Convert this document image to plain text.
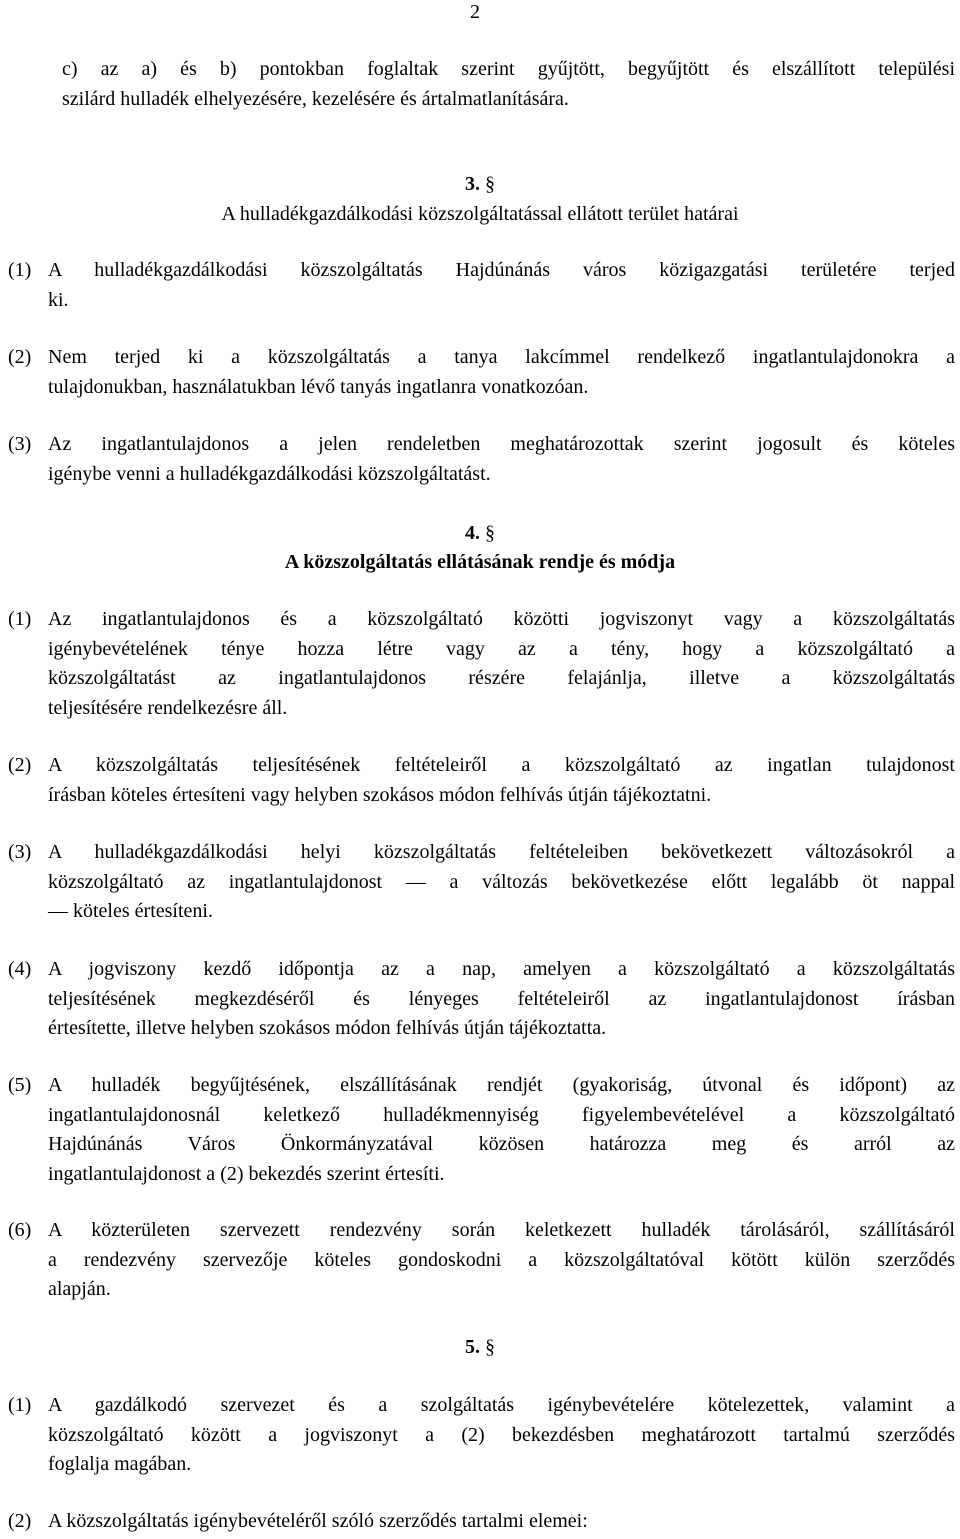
2
c) az a) és b) pontokban foglaltak szerint gyűjtött, begyűjtött és elszállított települési
szilárd hulladék elhelyezésére, kezelésére és ártalmatlanítására.
3. §
A hulladékgazdálkodási közszolgáltatással ellátott terület határai
(1) A hulladékgazdálkodási közszolgáltatás Hajdúnánás város közigazgatási területére terjed
ki.
(2) Nem terjed ki a közszolgáltatás a tanya lakcímmel rendelkező ingatlantulajdonokra a
tulajdonukban, használatukban lévő tanyás ingatlanra vonatkozóan.
(3) Az ingatlantulajdonos a jelen rendeletben meghatározottak szerint jogosult és köteles
igénybe venni a hulladékgazdálkodási közszolgáltatást.
4. §
A közszolgáltatás ellátásának rendje és módja
(1) Az ingatlantulajdonos és a közszolgáltató közötti jogviszonyt vagy a közszolgáltatás
igénybevételének ténye hozza létre vagy az a tény, hogy a közszolgáltató a
közszolgáltatást az ingatlantulajdonos részére felajánlja, illetve a közszolgáltatás
teljesítésére rendelkezésre áll.
(2) A közszolgáltatás teljesítésének feltételeiről a közszolgáltató az ingatlan tulajdonost
írásban köteles értesíteni vagy helyben szokásos módon felhívás útján tájékoztatni.
(3) A hulladékgazdálkodási helyi közszolgáltatás feltételeiben bekövetkezett változásokról a
közszolgáltató az ingatlantulajdonost — a változás bekövetkezése előtt legalább öt nappal
— köteles értesíteni.
(4) A jogviszony kezdő időpontja az a nap, amelyen a közszolgáltató a közszolgáltatás
teljesítésének megkezdéséről és lényeges feltételeiről az ingatlantulajdonost írásban
értesítette, illetve helyben szokásos módon felhívás útján tájékoztatta.
(5) A hulladék begyűjtésének, elszállításának rendjét (gyakoriság, útvonal és időpont) az
ingatlantulajdonosnál keletkező hulladékmennyiség figyelembevételével a közszolgáltató
Hajdúnánás Város Önkormányzatával közösen határozza meg és arról az
ingatlantulajdonost a (2) bekezdés szerint értesíti.
(6) A közterületen szervezett rendezvény során keletkezett hulladék tárolásáról, szállításáról
a rendezvény szervezője köteles gondoskodni a közszolgáltatóval kötött külön szerződés
alapján.
5. §
(1) A gazdálkodó szervezet és a szolgáltatás igénybevételére kötelezettek, valamint a
közszolgáltató között a jogviszonyt a (2) bekezdésben meghatározott tartalmú szerződés
foglalja magában.
(2) A közszolgáltatás igénybevételéről szóló szerződés tartalmi elemei:
